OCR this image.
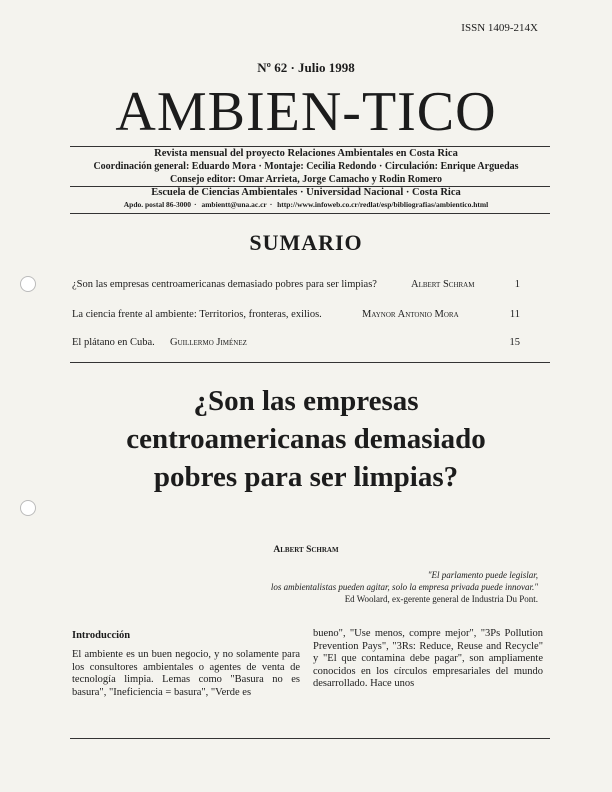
ISSN 1409-214X
Nº 62 · Julio 1998
AMBIEN-TICO
Revista mensual del proyecto Relaciones Ambientales en Costa Rica
Coordinación general: Eduardo Mora · Montaje: Cecilia Redondo · Circulación: Enrique Arguedas
Consejo editor: Omar Arrieta, Jorge Camacho y Rodin Romero
Escuela de Ciencias Ambientales · Universidad Nacional · Costa Rica
Apdo. postal 86-3000 · ambientt@una.ac.cr · http://www.infoweb.co.cr/redlat/esp/bibliografias/ambientico.html
SUMARIO
¿Son las empresas centroamericanas demasiado pobres para ser limpias?	Albert Schram	1
La ciencia frente al ambiente: Territorios, fronteras, exilios.	Maynor Antonio Mora	11
El plátano en Cuba. Guillermo Jiménez	15
¿Son las empresas
centroamericanas demasiado
pobres para ser limpias?
Albert Schram
"El parlamento puede legislar,
los ambientalistas pueden agitar, solo la empresa privada puede innovar."
Ed Woolard, ex-gerente general de Industria Du Pont.
Introducción
El ambiente es un buen negocio, y no solamente para los consultores ambientales o agentes de venta de tecnología limpia. Lemas como "Basura no es basura", "Ineficiencia = basura", "Verde es
bueno", "Use menos, compre mejor", "3Ps Pollution Prevention Pays", "3Rs: Reduce, Reuse and Recycle" y "El que contamina debe pagar", son ampliamente conocidos en los círculos empresariales del mundo desarrollado. Hace unos
